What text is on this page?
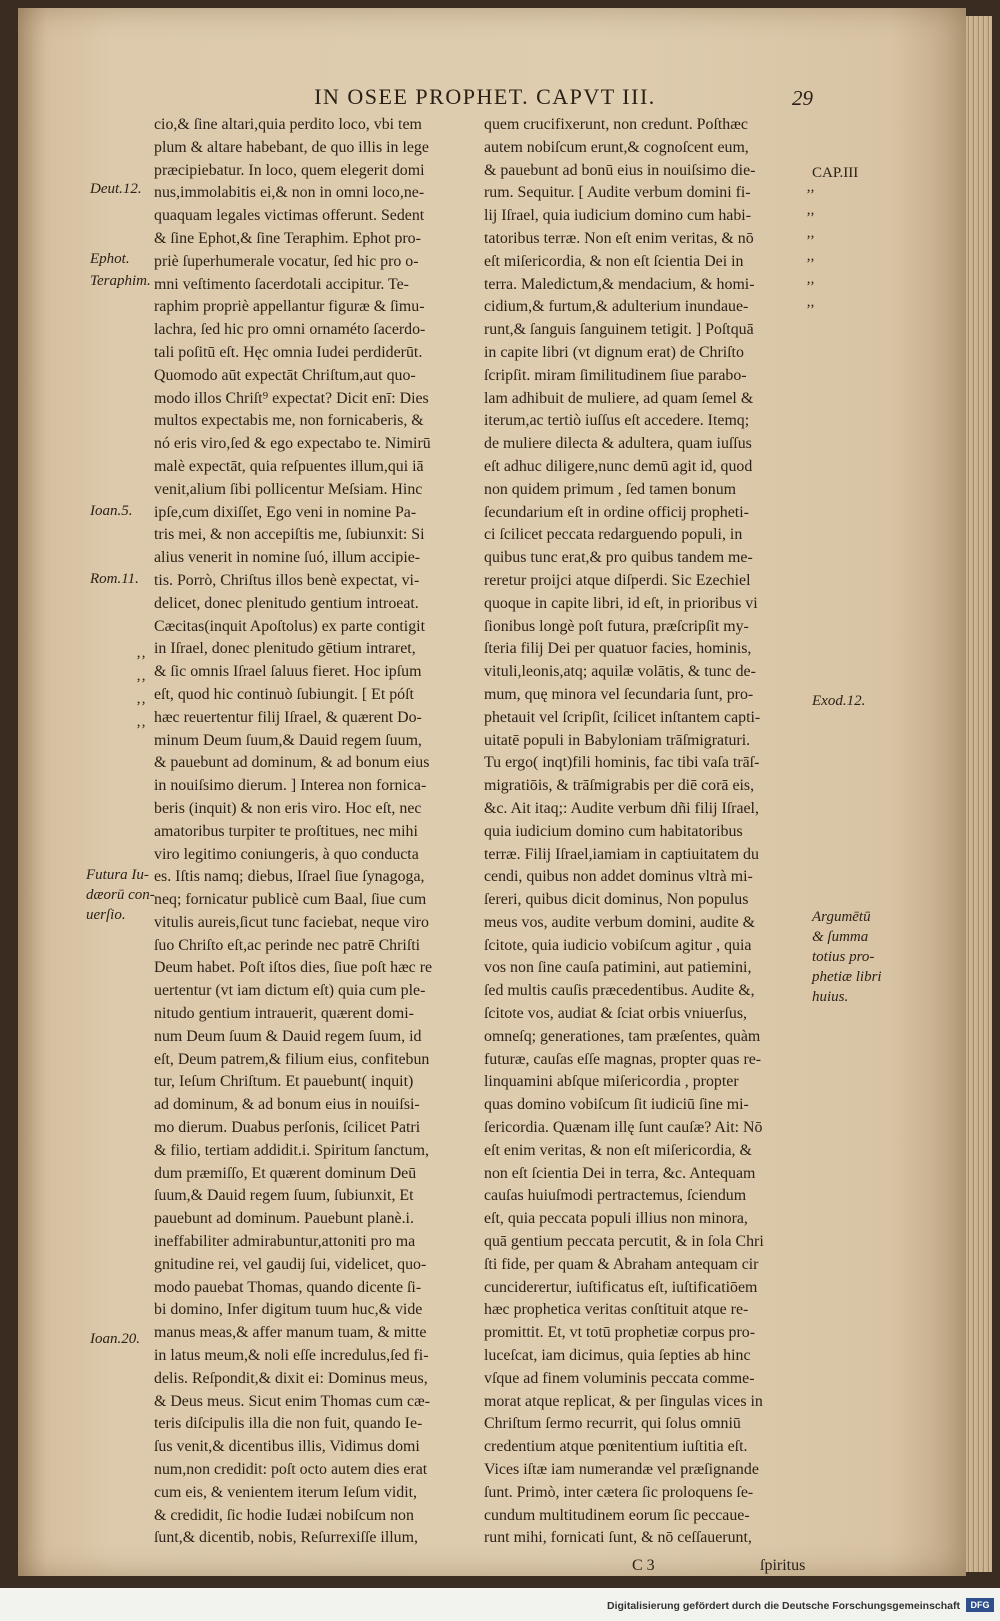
IN OSEE PROPHET. CAPVT III.	29
cio,& ſine altari,quia perdito loco, vbi tem
plum & altare habebant, de quo illis in lege
præcipiebatur. In loco, quem elegerit domi
nus,immolabitis ei,& non in omni loco,ne-
quaquam legales victimas offerunt. Sedent
& ſine Ephot,& ſine Teraphim. Ephot pro-
priè ſuperhumerale vocatur, ſed hic pro o-
mni veſtimento ſacerdotali accipitur. Te-
raphim propriè appellantur figuræ & ſimu-
lachra, ſed hic pro omni ornaméto ſacerdo-
tali poſitū eſt. Hęc omnia Iudei perdiderūt.
Quomodo aūt expectāt Chriſtum,aut quo-
modo illos Chriſt⁹ expectat? Dicit enī: Dies
multos expectabis me, non fornicaberis, &
nó eris viro,ſed & ego expectabo te. Nimirū
malè expectāt, quia reſpuentes illum,qui iā
venit,alium ſibi pollicentur Meſsiam. Hinc
ipſe,cum dixiſſet, Ego veni in nomine Pa-
tris mei, & non accepiſtis me, ſubiunxit: Si
alius venerit in nomine ſuó, illum accipie-
tis. Porrò, Chriſtus illos benè expectat, vi-
delicet, donec plenitudo gentium introeat.
Cæcitas(inquit Apoſtolus) ex parte contigit
in Iſrael, donec plenitudo gētium intraret,
& ſic omnis Iſrael ſaluus fieret. Hoc ipſum
eſt, quod hic continuò ſubiungit. [ Et póſt
hæc reuertentur filij Iſrael, & quærent Do-
minum Deum ſuum,& Dauid regem ſuum,
& pauebunt ad dominum, & ad bonum eius
in nouiſsimo dierum. ] Interea non fornica-
beris (inquit) & non eris viro. Hoc eſt, nec
amatoribus turpiter te proſtitues, nec mihi
viro legitimo coniungeris, à quo conducta
es. Iſtis namq; diebus, Iſrael ſiue ſynagoga,
neq; fornicatur publicè cum Baal, ſiue cum
vitulis aureis,ſicut tunc faciebat, neque viro
ſuo Chriſto eſt,ac perinde nec patrē Chriſti
Deum habet. Poſt iſtos dies, ſiue poſt hæc re
uertentur (vt iam dictum eſt) quia cum ple-
nitudo gentium intrauerit, quærent domi-
num Deum ſuum & Dauid regem ſuum, id
eſt, Deum patrem,& filium eius, confitebun
tur, Ieſum Chriſtum. Et pauebunt( inquit)
ad dominum, & ad bonum eius in nouiſsi-
mo dierum. Duabus perſonis, ſcilicet Patri
& filio, tertiam addidit.i. Spiritum ſanctum,
dum præmiſſo, Et quærent dominum Deū
ſuum,& Dauid regem ſuum, ſubiunxit, Et
pauebunt ad dominum. Pauebunt planè.i.
ineffabiliter admirabuntur,attoniti pro ma
gnitudine rei, vel gaudij ſui, videlicet, quo-
modo pauebat Thomas, quando dicente ſi-
bi domino, Infer digitum tuum huc,& vide
manus meas,& affer manum tuam, & mitte
in latus meum,& noli eſſe incredulus,ſed fi-
delis. Reſpondit,& dixit ei: Dominus meus,
& Deus meus. Sicut enim Thomas cum cæ-
teris diſcipulis illa die non fuit, quando Ie-
ſus venit,& dicentibus illis, Vidimus domi
num,non credidit: poſt octo autem dies erat
cum eis, & venientem iterum Ieſum vidit,
& credidit, ſic hodie Iudæi nobiſcum non
ſunt,& dicentib, nobis, Reſurrexiſſe illum,
quem crucifixerunt, non credunt. Poſthæc
autem nobiſcum erunt,& cognoſcent eum,
& pauebunt ad bonū eius in nouiſsimo die-
rum. Sequitur. [ Audite verbum domini fi-
lij Iſrael, quia iudicium domino cum habi-
tatoribus terræ. Non eſt enim veritas, & nō
eſt miſericordia, & non eſt ſcientia Dei in
terra. Maledictum,& mendacium, & homi-
cidium,& furtum,& adulterium inundaue-
runt,& ſanguis ſanguinem tetigit. ] Poſtquā
in capite libri (vt dignum erat) de Chriſto
ſcripſit. miram ſimilitudinem ſiue parabo-
lam adhibuit de muliere, ad quam ſemel &
iterum,ac tertiò iuſſus eſt accedere. Itemq;
de muliere dilecta & adultera, quam iuſſus
eſt adhuc diligere,nunc demū agit id, quod
non quidem primum , ſed tamen bonum
ſecundarium eſt in ordine officij propheti-
ci ſcilicet peccata redarguendo populi, in
quibus tunc erat,& pro quibus tandem me-
reretur proijci atque diſperdi. Sic Ezechiel
quoque in capite libri, id eſt, in prioribus vi
ſionibus longè poſt futura, præſcripſit my-
ſteria filij Dei per quatuor facies, hominis,
vituli,leonis,atq; aquilæ volātis, & tunc de-
mum, quę minora vel ſecundaria ſunt, pro-
phetauit vel ſcripſit, ſcilicet inſtantem capti-
uitatē populi in Babyloniam trāſmigraturi.
Tu ergo( inqt)fili hominis, fac tibi vaſa trāſ-
migratiōis, & trāſmigrabis per diē corā eis,
&c. Ait itaq;: Audite verbum dñi filij Iſrael,
quia iudicium domino cum habitatoribus
terræ. Filij Iſrael,iamiam in captiuitatem du
cendi, quibus non addet dominus vltrà mi-
ſereri, quibus dicit dominus, Non populus
meus vos, audite verbum domini, audite &
ſcitote, quia iudicio vobiſcum agitur , quia
vos non ſine cauſa patimini, aut patiemini,
ſed multis cauſis præcedentibus. Audite &,
ſcitote vos, audiat & ſciat orbis vniuerſus,
omneſq; generationes, tam præſentes, quàm
futuræ, cauſas eſſe magnas, propter quas re-
linquamini abſque miſericordia , propter
quas domino vobiſcum ſit iudiciū ſine mi-
ſericordia. Quænam illę ſunt cauſæ? Ait: Nō
eſt enim veritas, & non eſt miſericordia, &
non eſt ſcientia Dei in terra, &c. Antequam
cauſas huiuſmodi pertractemus, ſciendum
eſt, quia peccata populi illius non minora,
quā gentium peccata percutit, & in ſola Chri
ſti fide, per quam & Abraham antequam cir
cunciderertur, iuſtificatus eſt, iuſtificatiōem
hæc prophetica veritas conſtituit atque re-
promittit. Et, vt totū prophetiæ corpus pro-
luceſcat, iam dicimus, quia ſepties ab hinc
vſque ad finem voluminis peccata comme-
morat atque replicat, & per ſingulas vices in
Chriſtum ſermo recurrit, qui ſolus omniū
credentium atque pœnitentium iuſtitia eſt.
Vices iſtæ iam numerandæ vel præſignande
ſunt. Primò, inter cætera ſic proloquens ſe-
cundum multitudinem eorum ſic peccaue-
runt mihi, fornicati ſunt, & nō ceſſauerunt,
Deut.12.
Ephot.
Teraphim.
Ioan.5.
Rom.11.
Futura Iu-
dæorū con-
uerſio.
Ioan.20.
‚‚
‚‚
‚‚
‚‚
CAP.III
Exod.12.
Argumētū
& ſumma
totius pro-
phetiæ libri
huius.
’’
’’
’’
’’
’’
’’
C 3	ſpiritus
Digitalisierung gefördert durch die Deutsche Forschungsgemeinschaft	DFG
